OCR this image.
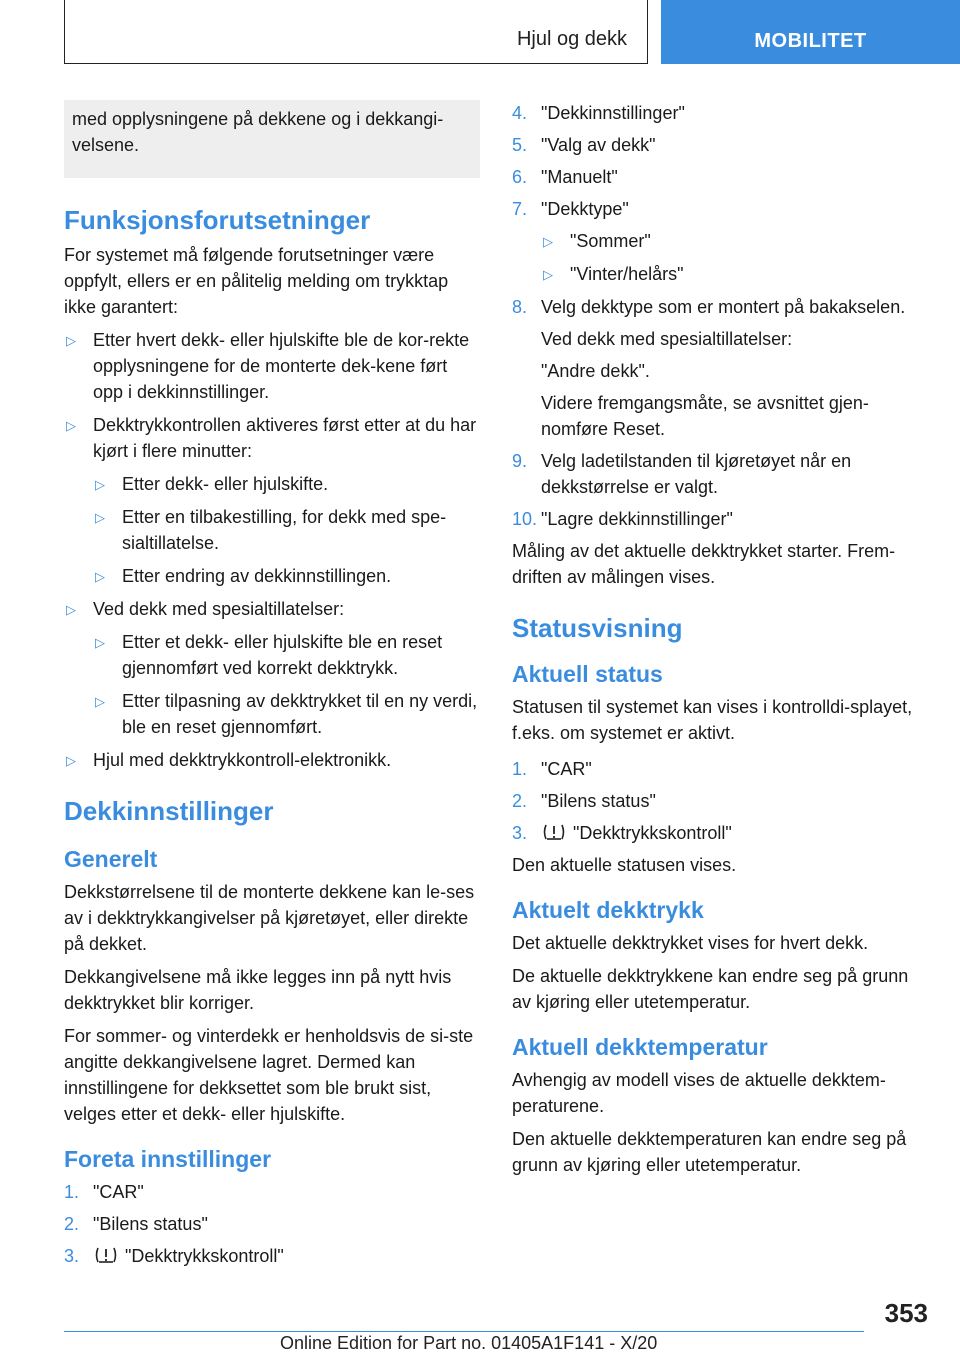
Hjul og dekk	MOBILITET
med opplysningene på dekkene og i dekkangi-velsene.
Funksjonsforutsetninger

For systemet må følgende forutsetninger være oppfylt, ellers er en pålitelig melding om trykktap ikke garantert:

▷ Etter hvert dekk- eller hjulskifte ble de kor-rekte opplysningene for de monterte dek-kene ført opp i dekkinnstillinger.
▷ Dekktrykkontrollen aktiveres først etter at du har kjørt i flere minutter:
▷ Etter dekk- eller hjulskifte.
▷ Etter en tilbakestilling, for dekk med spe-sialtillatelse.
▷ Etter endring av dekkinnstillingen.
▷ Ved dekk med spesialtillatelser:
▷ Etter et dekk- eller hjulskifte ble en reset gjennomført ved korrekt dekktrykk.
▷ Etter tilpasning av dekktrykket til en ny verdi, ble en reset gjennomført.
▷ Hjul med dekktrykkontroll-elektronikk.
Dekkinnstillinger
Generelt

Dekkstørrelsene til de monterte dekkene kan le-ses av i dekktrykkangivelser på kjøretøyet, eller direkte på dekket.

Dekkangivelsene må ikke legges inn på nytt hvis dekktrykket blir korriger.

For sommer- og vinterdekk er henholdsvis de si-ste angitte dekkangivelsene lagret. Dermed kan innstillingene for dekksettet som ble brukt sist, velges etter et dekk- eller hjulskifte.

Foreta innstillinger
1. "CAR"
2. "Bilens status"
3.	"Dekktrykkskontroll"
4. "Dekkinnstillinger"
5. "Valg av dekk"
6. "Manuelt"
7. "Dekktype"
▷ "Sommer"
▷ "Vinter/helårs"
8. Velg dekktype som er montert på bakakselen.
Ved dekk med spesialtillatelser:
"Andre dekk".
Videre fremgangsmåte, se avsnittet gjen-nomføre Reset.
9. Velg ladetilstanden til kjøretøyet når en dekkstørrelse er valgt.
10. "Lagre dekkinnstillinger"

Måling av det aktuelle dekktrykket starter. Frem-driften av målingen vises.

Statusvisning
Aktuell status

Statusen til systemet kan vises i kontrolldi-splayet, f.eks. om systemet er aktivt.

1. "CAR"
2. "Bilens status"
3.	"Dekktrykkskontroll"

Den aktuelle statusen vises.

Aktuelt dekktrykk

Det aktuelle dekktrykket vises for hvert dekk.

De aktuelle dekktrykkene kan endre seg på grunn av kjøring eller utetemperatur.

Aktuell dekktemperatur

Avhengig av modell vises de aktuelle dekktem-peraturene.

Den aktuelle dekktemperaturen kan endre seg på grunn av kjøring eller utetemperatur.

353
Online Edition for Part no. 01405A1F141 - X/20
